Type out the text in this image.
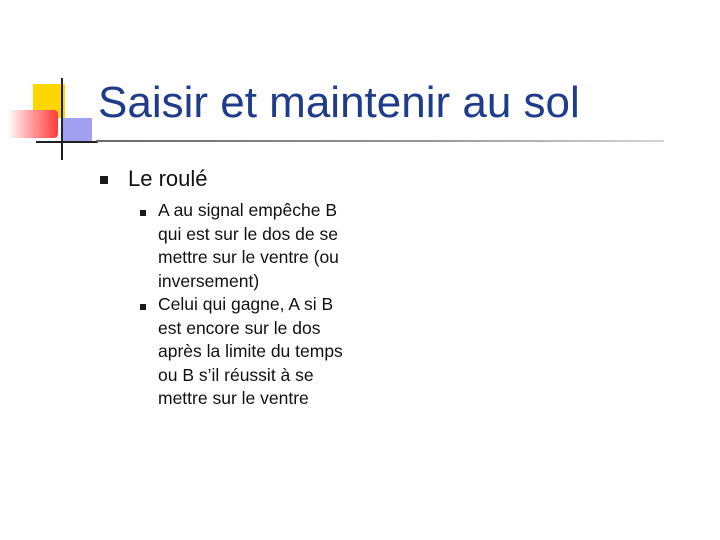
Saisir et maintenir au sol
Le roulé
A au signal empêche B
qui est sur le dos de se
mettre sur le ventre (ou
inversement)
Celui qui gagne, A si B
est encore sur le dos
après la limite du temps
ou B s’il réussit à se
mettre sur le ventre
